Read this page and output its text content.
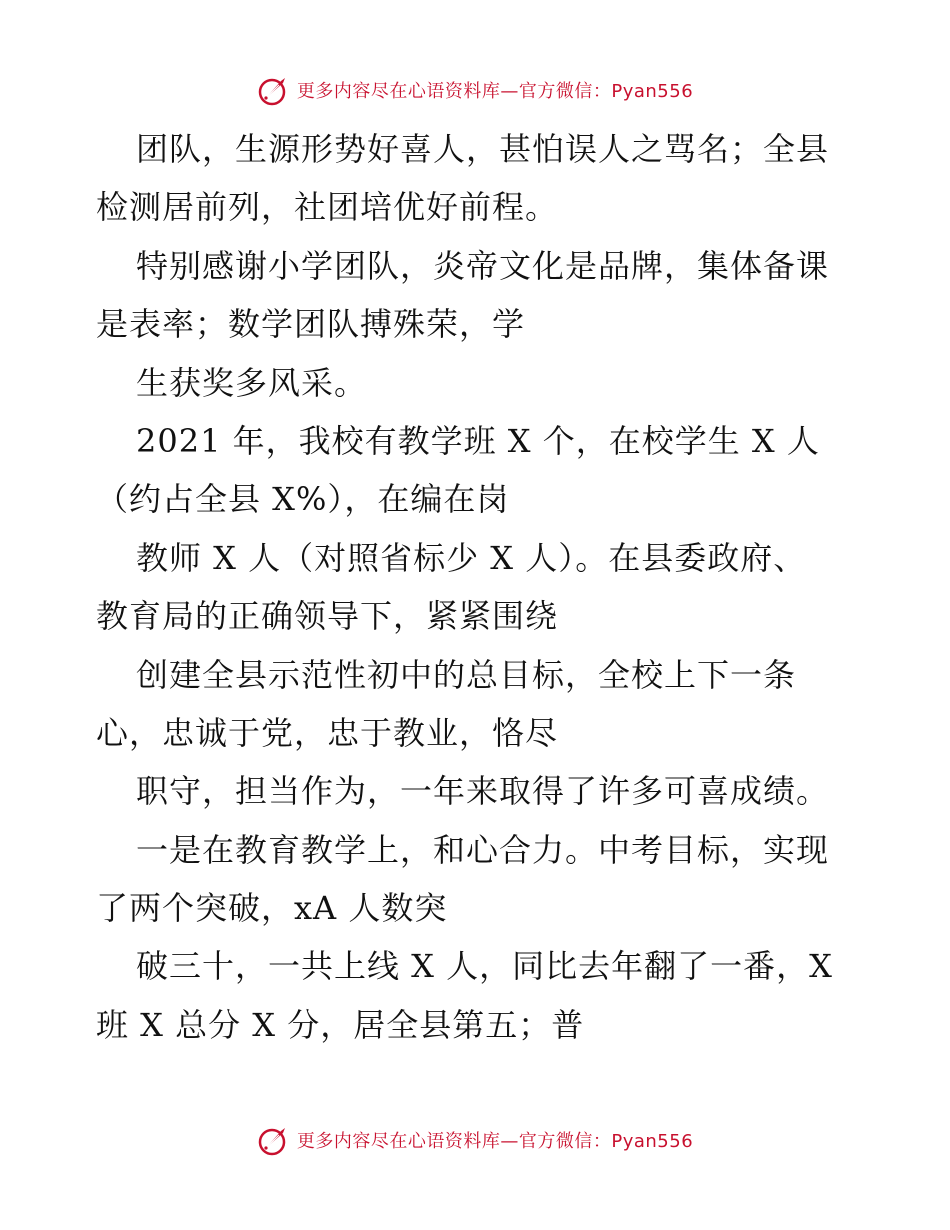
更多内容尽在心语资料库—官方微信：Pyan556
团队，生源形势好喜人，甚怕误人之骂名；全县
检测居前列，社团培优好前程。
特别感谢小学团队，炎帝文化是品牌，集体备课
是表率；数学团队搏殊荣，学
生获奖多风采。
2021 年，我校有教学班 X 个，在校学生 X 人
（约占全县 X%），在编在岗
教师 X 人（对照省标少 X 人）。在县委政府、
教育局的正确领导下，紧紧围绕
创建全县示范性初中的总目标，全校上下一条
心，忠诚于党，忠于教业，恪尽
职守，担当作为，一年来取得了许多可喜成绩。
一是在教育教学上，和心合力。中考目标，实现
了两个突破，xA 人数突
破三十，一共上线 X 人，同比去年翻了一番，X
班 X 总分 X 分，居全县第五；普
更多内容尽在心语资料库—官方微信：Pyan556
